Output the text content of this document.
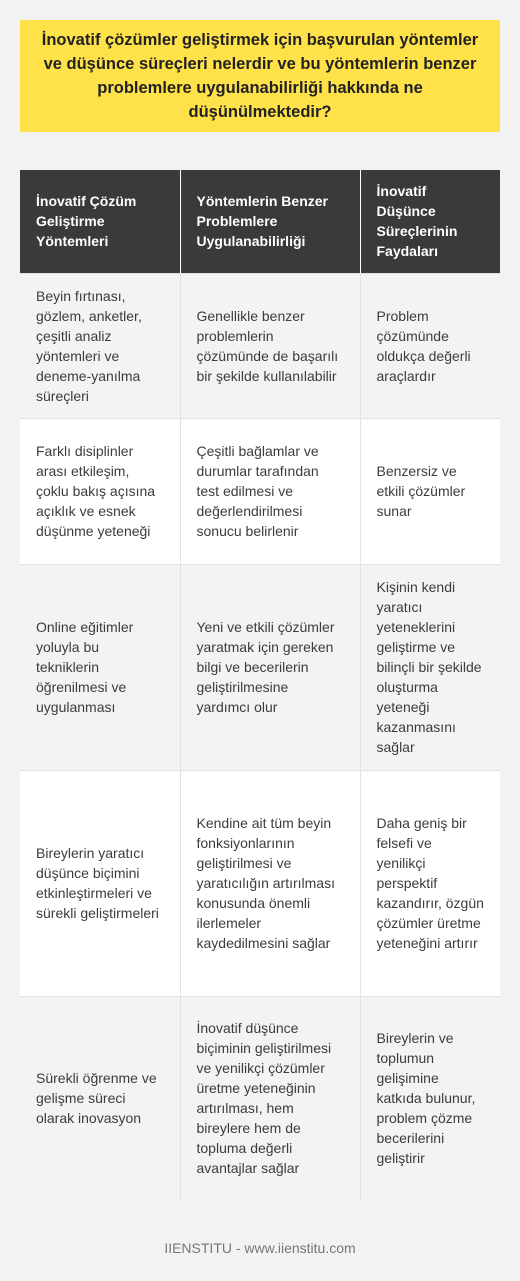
İnovatif çözümler geliştirmek için başvurulan yöntemler ve düşünce süreçleri nelerdir ve bu yöntemlerin benzer problemlere uygulanabilirliği hakkında ne düşünülmektedir?
İnovatif Çözüm Geliştirme Yöntemleri	Yöntemlerin Benzer Problemlere Uygulanabilirliği	İnovatif Düşünce Süreçlerinin Faydaları
Beyin fırtınası, gözlem, anketler, çeşitli analiz yöntemleri ve deneme-yanılma süreçleri	Genellikle benzer problemlerin çözümünde de başarılı bir şekilde kullanılabilir	Problem çözümünde oldukça değerli araçlardır
Farklı disiplinler arası etkileşim, çoklu bakış açısına açıklık ve esnek düşünme yeteneği	Çeşitli bağlamlar ve durumlar tarafından test edilmesi ve değerlendirilmesi sonucu belirlenir	Benzersiz ve etkili çözümler sunar
Online eğitimler yoluyla bu tekniklerin öğrenilmesi ve uygulanması	Yeni ve etkili çözümler yaratmak için gereken bilgi ve becerilerin geliştirilmesine yardımcı olur	Kişinin kendi yaratıcı yeteneklerini geliştirme ve bilinçli bir şekilde oluşturma yeteneği kazanmasını sağlar
Bireylerin yaratıcı düşünce biçimini etkinleştirmeleri ve sürekli geliştirmeleri	Kendine ait tüm beyin fonksiyonlarının geliştirilmesi ve yaratıcılığın artırılması konusunda önemli ilerlemeler kaydedilmesini sağlar	Daha geniş bir felsefi ve yenilikçi perspektif kazandırır, özgün çözümler üretme yeteneğini artırır
Sürekli öğrenme ve gelişme süreci olarak inovasyon	İnovatif düşünce biçiminin geliştirilmesi ve yenilikçi çözümler üretme yeteneğinin artırılması, hem bireylere hem de topluma değerli avantajlar sağlar	Bireylerin ve toplumun gelişimine katkıda bulunur, problem çözme becerilerini geliştirir
IIENSTITU - www.iienstitu.com
